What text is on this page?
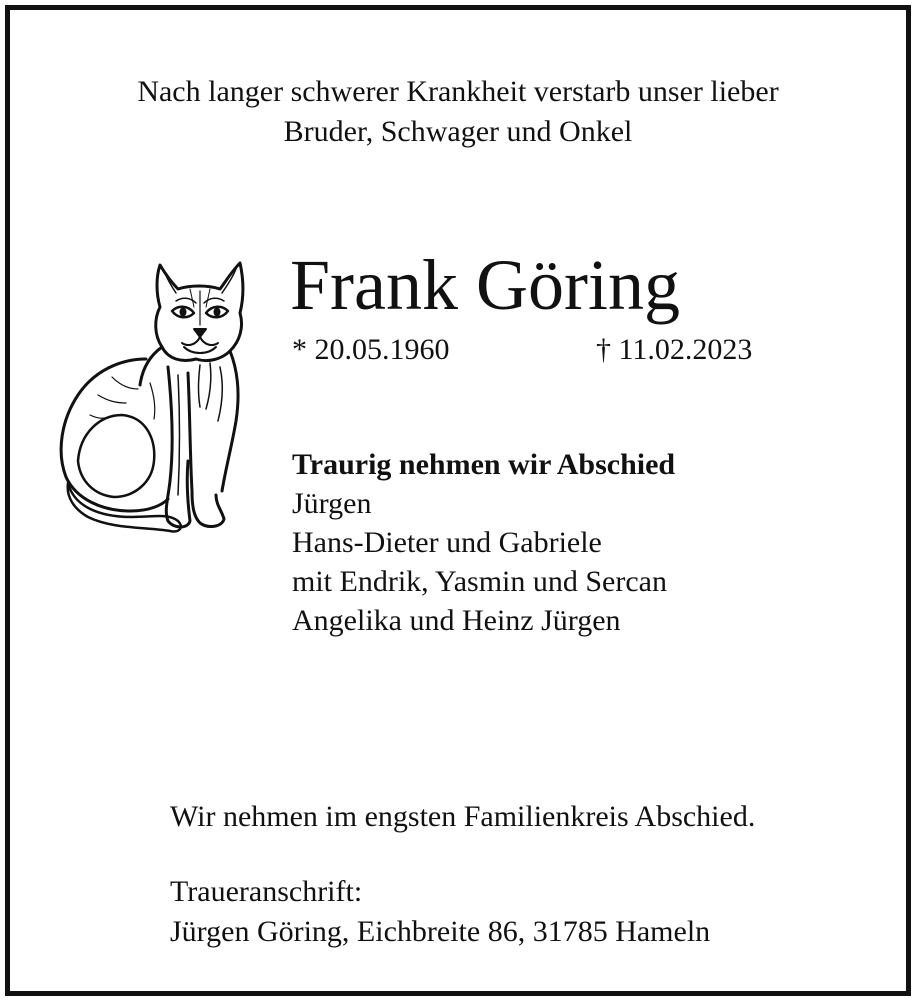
Nach langer schwerer Krankheit verstarb unser lieber
Bruder, Schwager und Onkel
Frank Göring
* 20.05.1960	† 11.02.2023
Traurig nehmen wir Abschied
Jürgen
Hans-Dieter und Gabriele
mit Endrik, Yasmin und Sercan
Angelika und Heinz Jürgen
Wir nehmen im engsten Familienkreis Abschied.
Traueranschrift:
Jürgen Göring, Eichbreite 86, 31785 Hameln
